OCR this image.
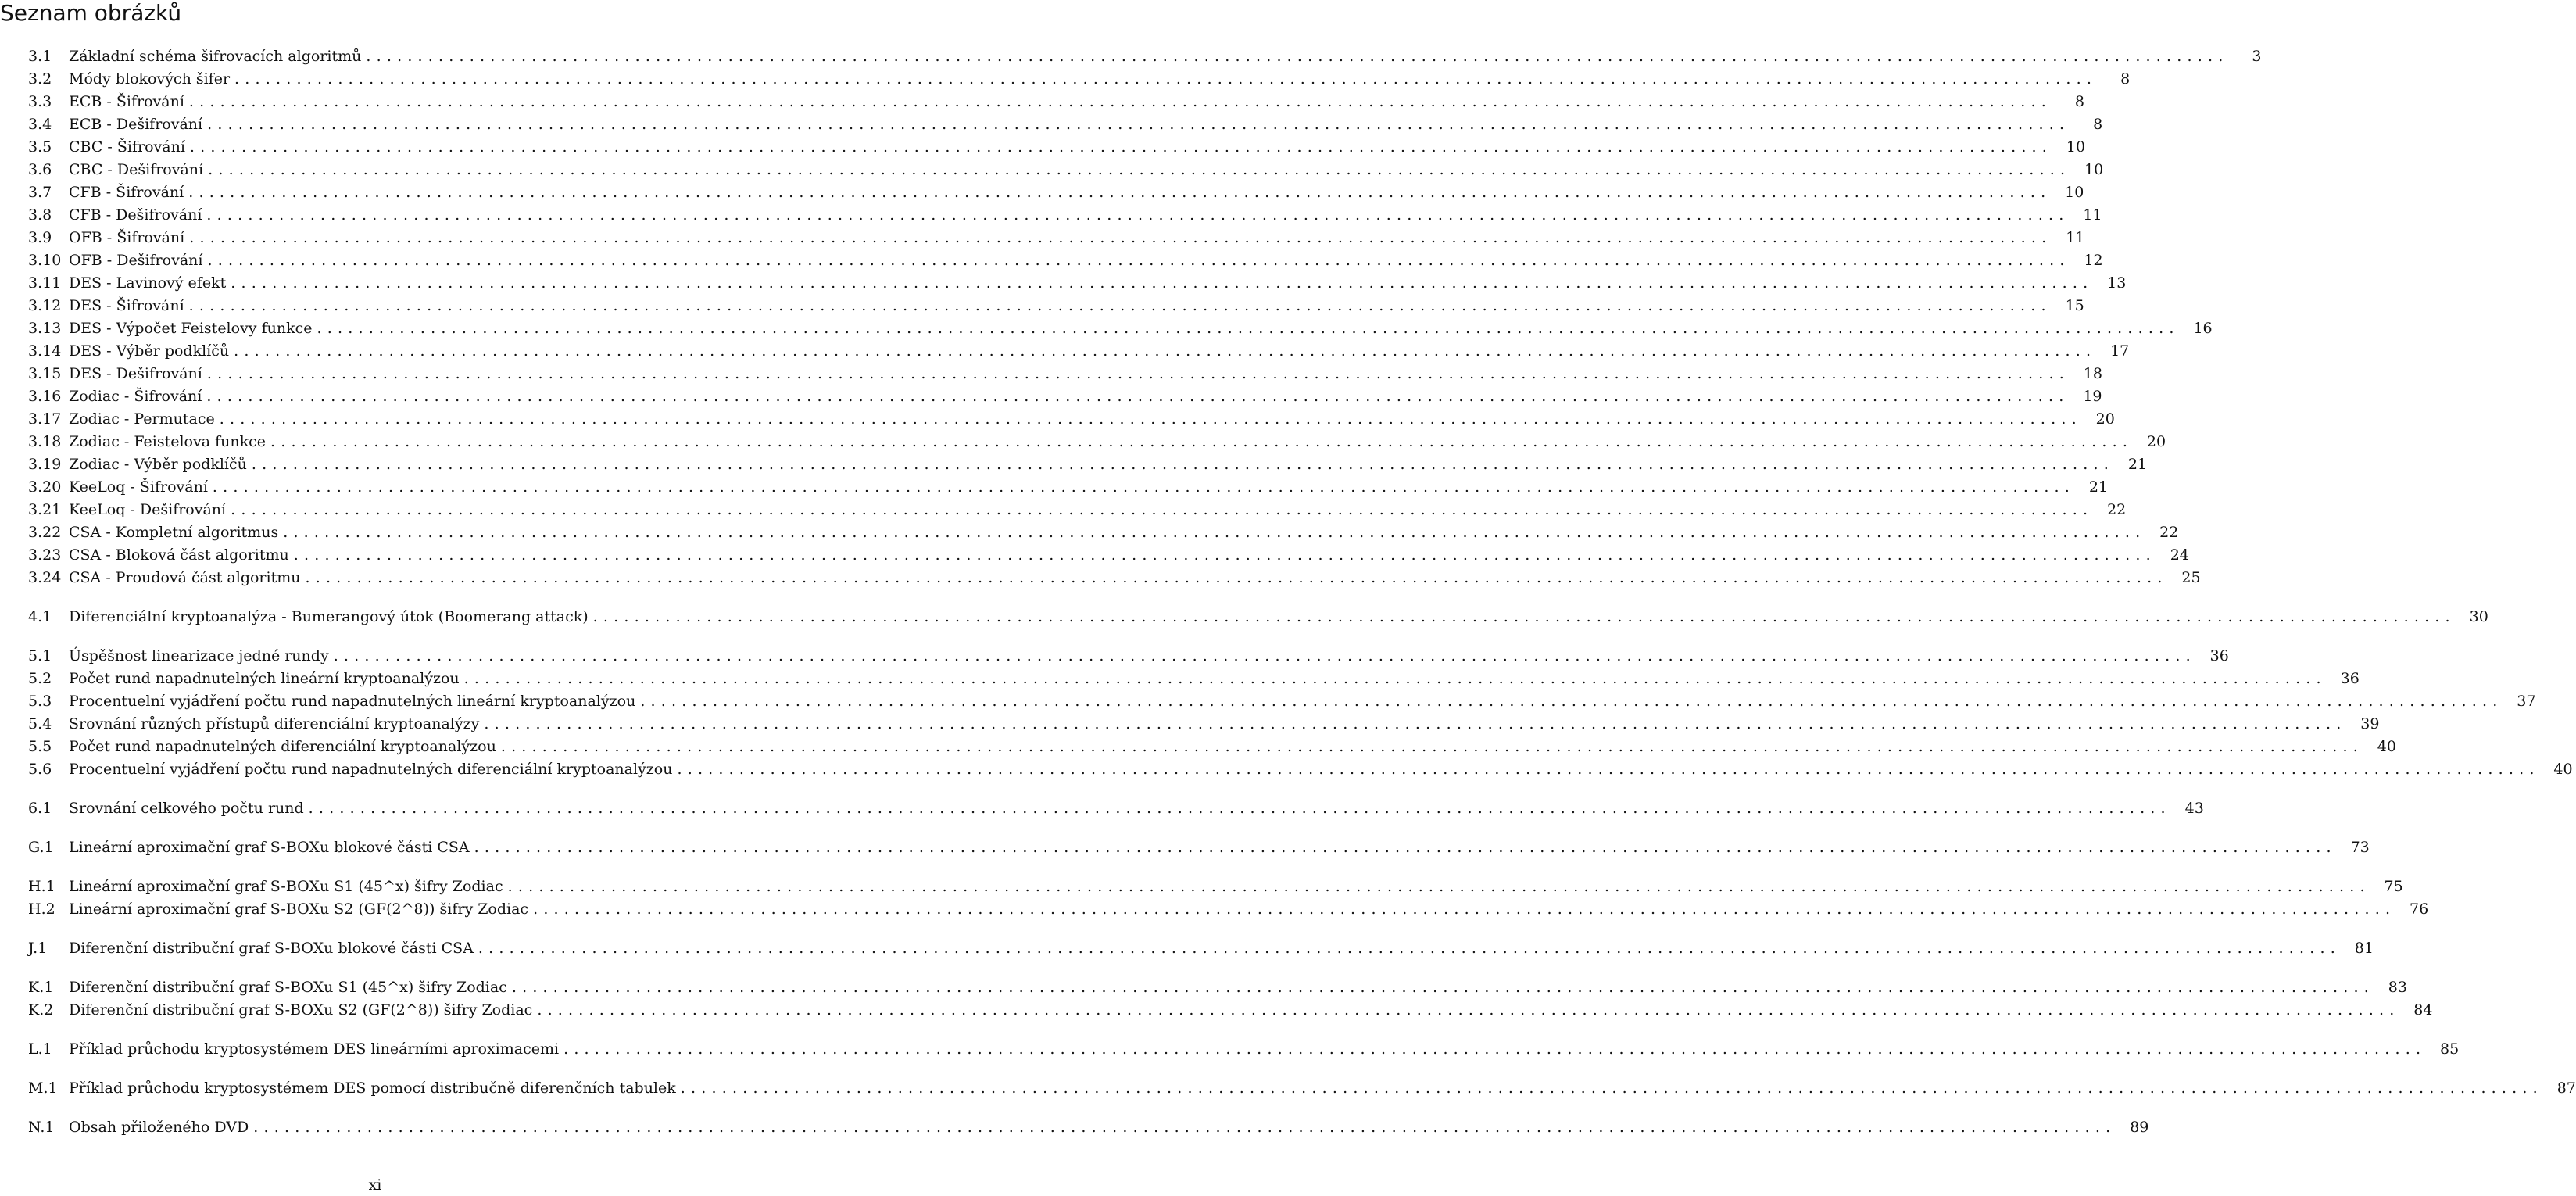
Seznam obrázků
3.1	Základní schéma šifrovacích algoritmů ....................................................................................................................................................................................	3
3.2	Módy blokových šifer ....................................................................................................................................................................................	8
3.3	ECB - Šifrování ....................................................................................................................................................................................	8
3.4	ECB - Dešifrování ....................................................................................................................................................................................	8
3.5	CBC - Šifrování .................................................................................................................................................................................... 10
3.6	CBC - Dešifrování .................................................................................................................................................................................... 10
3.7	CFB - Šifrování .................................................................................................................................................................................... 10
3.8	CFB - Dešifrování .................................................................................................................................................................................... 11
3.9	OFB - Šifrování .................................................................................................................................................................................... 11
3.10 OFB - Dešifrování .................................................................................................................................................................................... 12
3.11 DES - Lavinový efekt .................................................................................................................................................................................... 13
3.12 DES - Šifrování .................................................................................................................................................................................... 15
3.13 DES - Výpočet Feistelovy funkce .................................................................................................................................................................................... 16
3.14 DES - Výběr podklíčů .................................................................................................................................................................................... 17
3.15 DES - Dešifrování .................................................................................................................................................................................... 18
3.16 Zodiac - Šifrování .................................................................................................................................................................................... 19
3.17 Zodiac - Permutace .................................................................................................................................................................................... 20
3.18 Zodiac - Feistelova funkce .................................................................................................................................................................................... 20
3.19 Zodiac - Výběr podklíčů .................................................................................................................................................................................... 21
3.20 KeeLoq - Šifrování .................................................................................................................................................................................... 21
3.21 KeeLoq - Dešifrování .................................................................................................................................................................................... 22
3.22 CSA - Kompletní algoritmus .................................................................................................................................................................................... 22
3.23 CSA - Bloková část algoritmu .................................................................................................................................................................................... 24
3.24 CSA - Proudová část algoritmu .................................................................................................................................................................................... 25
4.1	Diferenciální kryptoanalýza - Bumerangový útok (Boomerang attack) .................................................................................................................................................................................... 30
5.1	Úspěšnost linearizace jedné rundy .................................................................................................................................................................................... 36
5.2	Počet rund napadnutelných lineární kryptoanalýzou .................................................................................................................................................................................... 36
5.3	Procentuelní vyjádření počtu rund napadnutelných lineární kryptoanalýzou .................................................................................................................................................................................... 37
5.4	Srovnání různých přístupů diferenciální kryptoanalýzy .................................................................................................................................................................................... 39
5.5	Počet rund napadnutelných diferenciální kryptoanalýzou .................................................................................................................................................................................... 40
5.6	Procentuelní vyjádření počtu rund napadnutelných diferenciální kryptoanalýzou .................................................................................................................................................................................... 40
6.1	Srovnání celkového počtu rund .................................................................................................................................................................................... 43
G.1	Lineární aproximační graf S-BOXu blokové části CSA .................................................................................................................................................................................... 73
H.1 Lineární aproximační graf S-BOXu S1 (45^x) šifry Zodiac .................................................................................................................................................................................... 75
H.2 Lineární aproximační graf S-BOXu S2 (GF(2^8)) šifry Zodiac .................................................................................................................................................................................... 76
J.1	Diferenční distribuční graf S-BOXu blokové části CSA .................................................................................................................................................................................... 81
K.1	Diferenční distribuční graf S-BOXu S1 (45^x) šifry Zodiac .................................................................................................................................................................................... 83
K.2	Diferenční distribuční graf S-BOXu S2 (GF(2^8)) šifry Zodiac .................................................................................................................................................................................... 84
L.1	Příklad průchodu kryptosystémem DES lineárními aproximacemi .................................................................................................................................................................................... 85
M.1 Příklad průchodu kryptosystémem DES pomocí distribučně diferenčních tabulek .................................................................................................................................................................................... 87
N.1 Obsah přiloženého DVD .................................................................................................................................................................................... 89
xi
